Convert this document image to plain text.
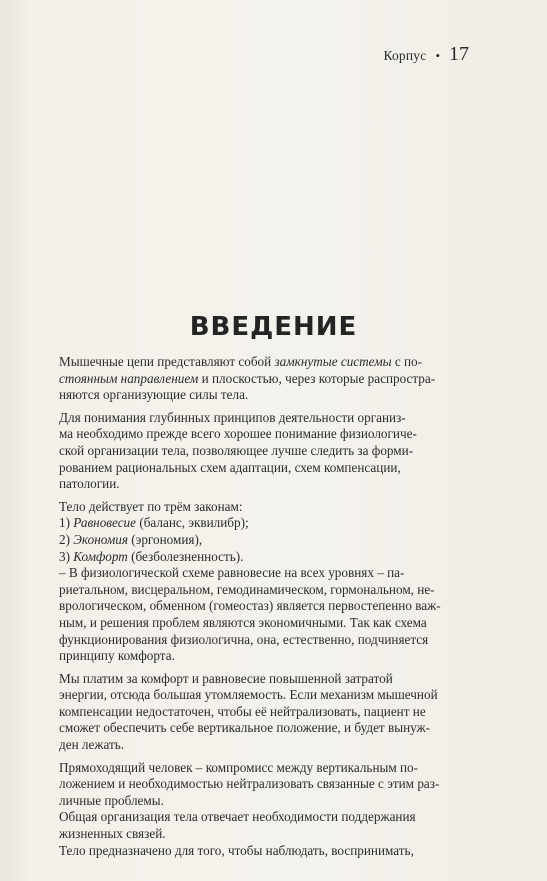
Корпус • 17
ВВЕДЕНИЕ

Мышечные цепи представляют собой замкнутые системы с по-
стоянным направлением и плоскостью, через которые распростра-
няются организующие силы тела.

Для понимания глубинных принципов деятельности организ-
ма необходимо прежде всего хорошее понимание физиологиче-
ской организации тела, позволяющее лучше следить за форми-
рованием рациональных схем адаптации, схем компенсации,
патологии.

Тело действует по трём законам:

1) Равновесие (баланс, эквилибр);

2) Экономия (эргономия),

3) Комфорт (безболезненность).

– В физиологической схеме равновесие на всех уровнях – па-
риетальном, висцеральном, гемодинамическом, гормональном, не-
врологическом, обменном (гомеостаз) является первостепенно важ-
ным, и решения проблем являются экономичными. Так как схема
функционирования физиологична, она, естественно, подчиняется
принципу комфорта.

Мы платим за комфорт и равновесие повышенной затратой
энергии, отсюда большая утомляемость. Если механизм мышечной
компенсации недостаточен, чтобы её нейтрализовать, пациент не
сможет обеспечить себе вертикальное положение, и будет вынуж-
ден лежать.

Прямоходящий человек – компромисс между вертикальным по-
ложением и необходимостью нейтрализовать связанные с этим раз-
личные проблемы.

Общая организация тела отвечает необходимости поддержания
жизненных связей.

Тело предназначено для того, чтобы наблюдать, воспринимать,
